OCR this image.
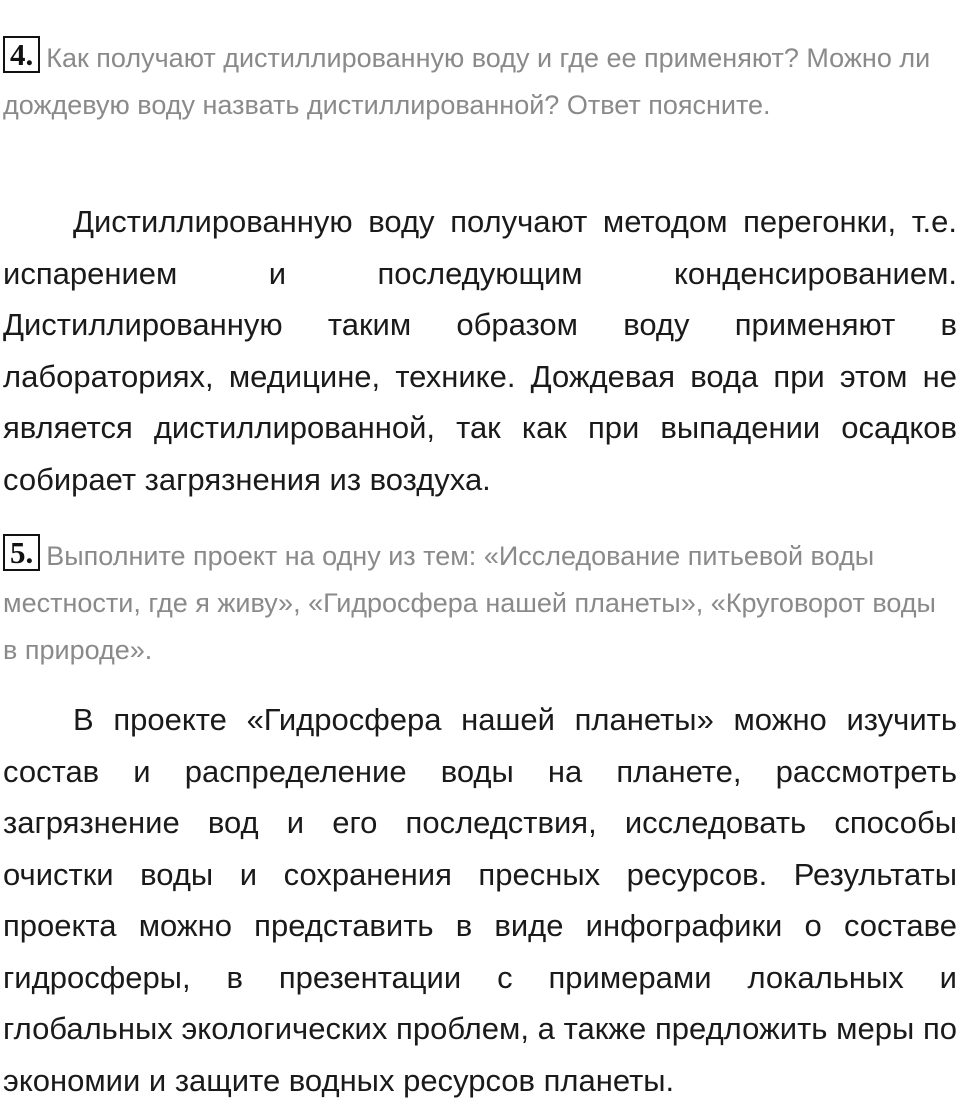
4. Как получают дистиллированную воду и где ее применяют? Можно ли дождевую воду назвать дистиллированной? Ответ поясните.

Дистиллированную воду получают методом перегонки, т.е. испарением и последующим конденсированием. Дистиллированную таким образом воду применяют в лабораториях, медицине, технике. Дождевая вода при этом не является дистиллированной, так как при выпадении осадков собирает загрязнения из воздуха.

5. Выполните проект на одну из тем: «Исследование питьевой воды местности, где я живу», «Гидросфера нашей планеты», «Круговорот воды в природе».

В проекте «Гидросфера нашей планеты» можно изучить состав и распределение воды на планете, рассмотреть загрязнение вод и его последствия, исследовать способы очистки воды и сохранения пресных ресурсов. Результаты проекта можно представить в виде инфографики о составе гидросферы, в презентации с примерами локальных и глобальных экологических проблем, а также предложить меры по экономии и защите водных ресурсов планеты.
